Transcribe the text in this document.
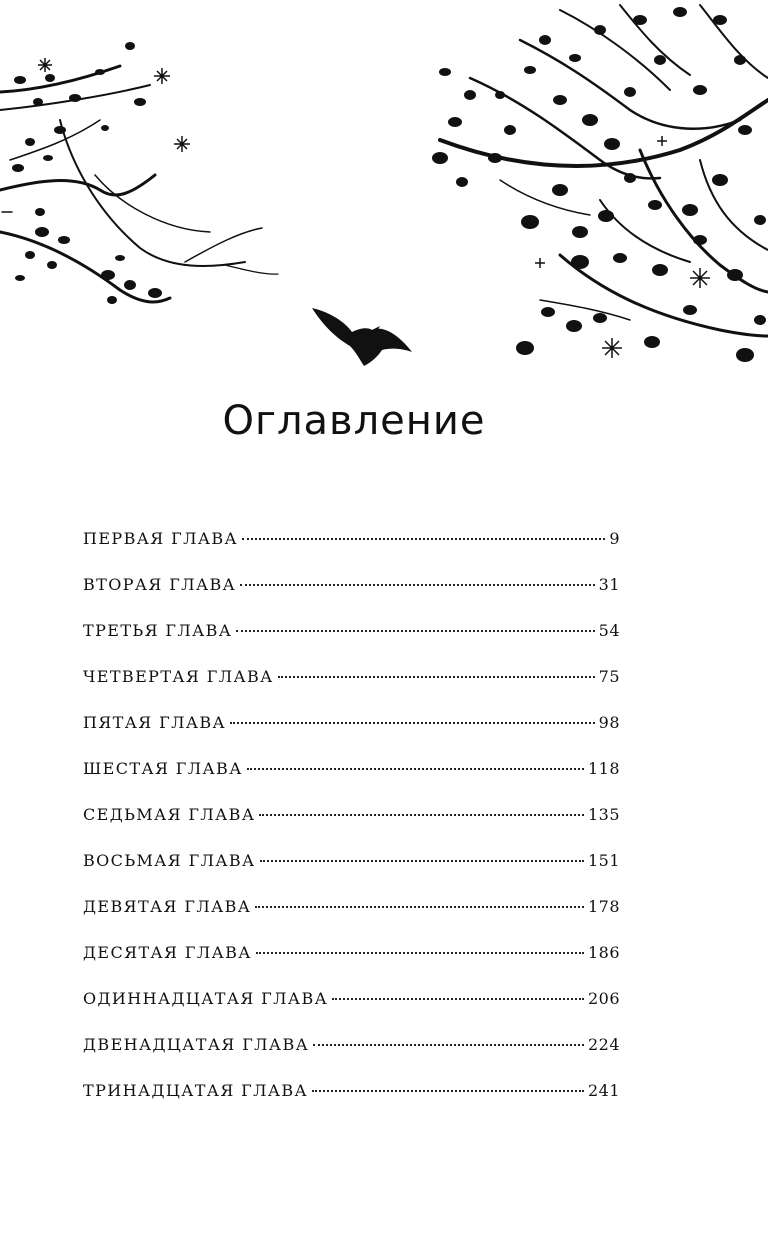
Оглавление
ПЕРВАЯ ГЛАВА	9
ВТОРАЯ ГЛАВА	31
ТРЕТЬЯ ГЛАВА	54
ЧЕТВЕРТАЯ ГЛАВА	75
ПЯТАЯ ГЛАВА	98
ШЕСТАЯ ГЛАВА	118
СЕДЬМАЯ ГЛАВА	135
ВОСЬМАЯ ГЛАВА	151
ДЕВЯТАЯ ГЛАВА	178
ДЕСЯТАЯ ГЛАВА	186
ОДИННАДЦАТАЯ ГЛАВА	206
ДВЕНАДЦАТАЯ ГЛАВА	224
ТРИНАДЦАТАЯ ГЛАВА	241
